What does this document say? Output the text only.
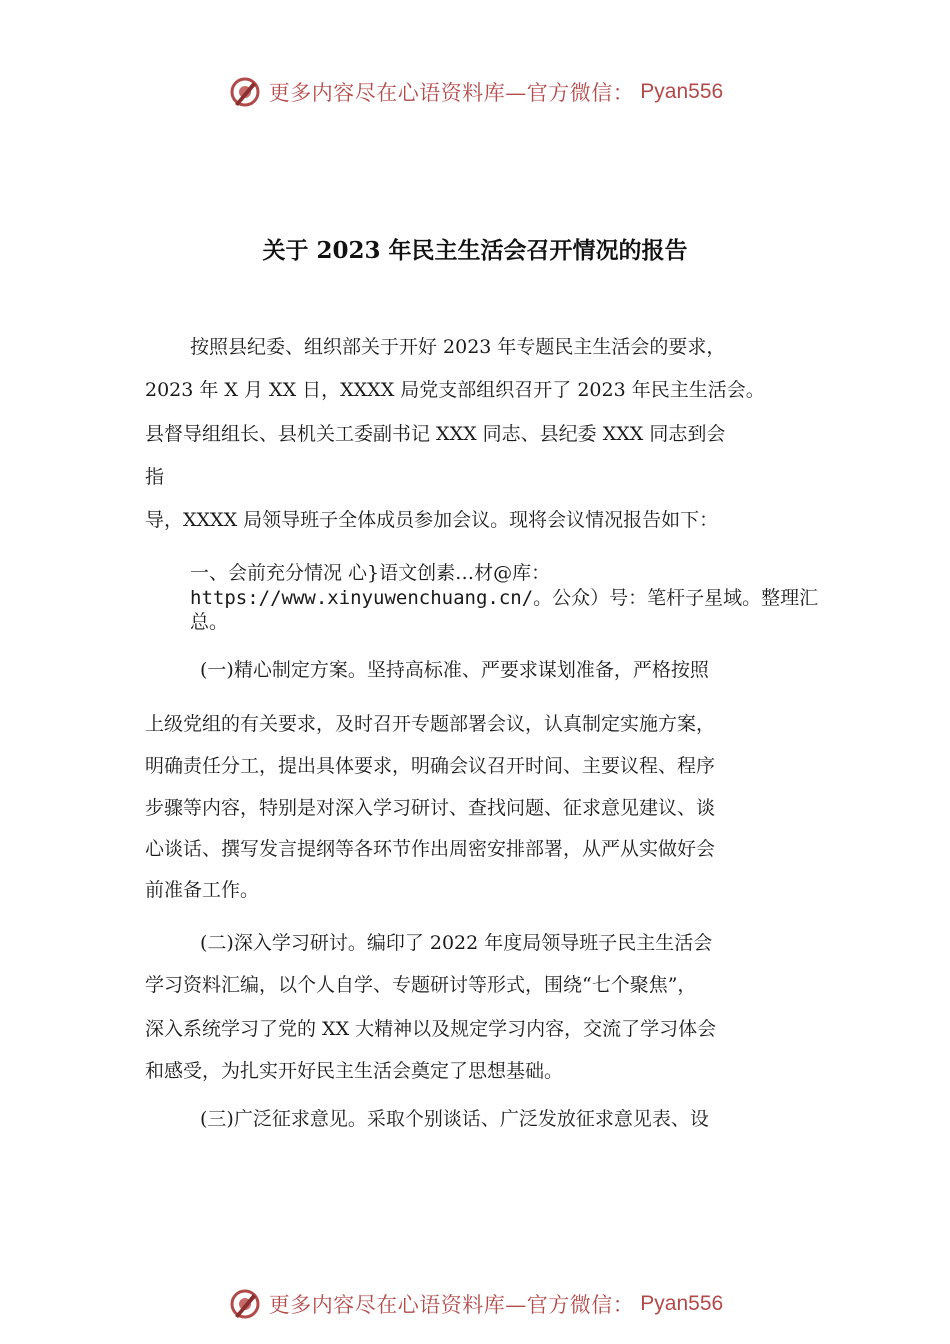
更多内容尽在心语资料库—官方微信： Pyan556
关于 2023 年民主生活会召开情况的报告
按照县纪委、组织部关于开好 2023 年专题民主生活会的要求，
2023 年 X 月 XX 日，XXXX 局党支部组织召开了 2023 年民主生活会。
县督导组组长、县机关工委副书记 XXX 同志、县纪委 XXX 同志到会
指
导，XXXX 局领导班子全体成员参加会议。现将会议情况报告如下：
一、会前充分情况 心}语文创素…材@库：
https://www.xinyuwenchuang.cn/。公众）号：笔杆子星域。整理汇
总。
(一)精心制定方案。坚持高标准、严要求谋划准备，严格按照
上级党组的有关要求，及时召开专题部署会议，认真制定实施方案，
明确责任分工，提出具体要求，明确会议召开时间、主要议程、程序
步骤等内容，特别是对深入学习研讨、查找问题、征求意见建议、谈
心谈话、撰写发言提纲等各环节作出周密安排部署，从严从实做好会
前准备工作。
(二)深入学习研讨。编印了 2022 年度局领导班子民主生活会
学习资料汇编，以个人自学、专题研讨等形式，围绕“七个聚焦”，
深入系统学习了党的 XX 大精神以及规定学习内容，交流了学习体会
和感受，为扎实开好民主生活会奠定了思想基础。
(三)广泛征求意见。采取个别谈话、广泛发放征求意见表、设
更多内容尽在心语资料库—官方微信： Pyan556
